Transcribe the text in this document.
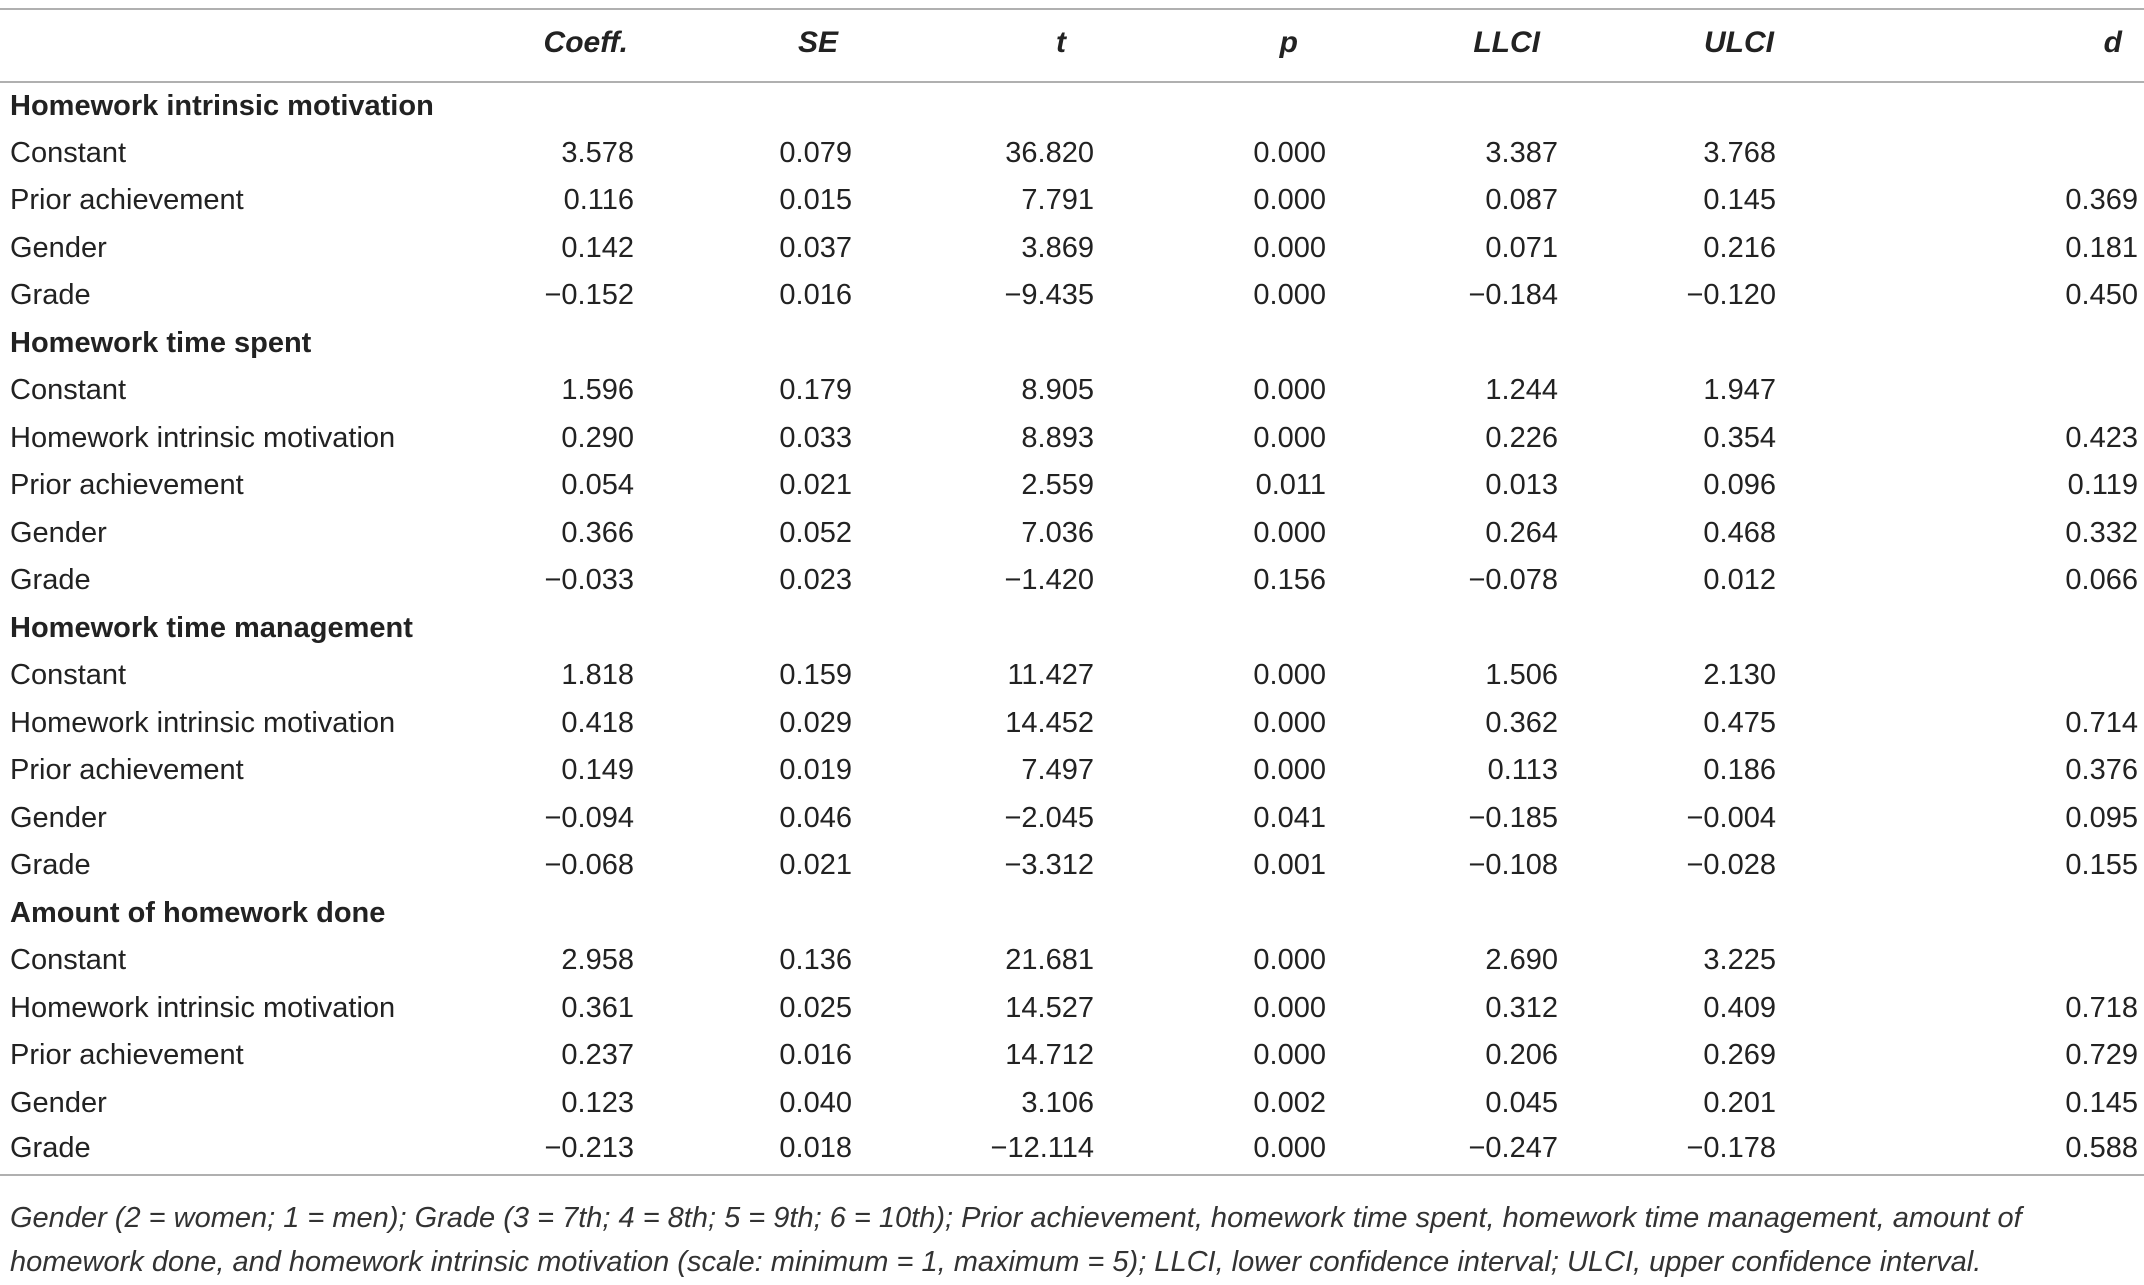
	Coeff.	SE	t	p	LLCI	ULCI	d
Homework intrinsic motivation							
Constant	3.578	0.079	36.820	0.000	3.387	3.768	
Prior achievement	0.116	0.015	7.791	0.000	0.087	0.145	0.369
Gender	0.142	0.037	3.869	0.000	0.071	0.216	0.181
Grade	−0.152	0.016	−9.435	0.000	−0.184	−0.120	0.450
Homework time spent							
Constant	1.596	0.179	8.905	0.000	1.244	1.947	
Homework intrinsic motivation	0.290	0.033	8.893	0.000	0.226	0.354	0.423
Prior achievement	0.054	0.021	2.559	0.011	0.013	0.096	0.119
Gender	0.366	0.052	7.036	0.000	0.264	0.468	0.332
Grade	−0.033	0.023	−1.420	0.156	−0.078	0.012	0.066
Homework time management							
Constant	1.818	0.159	11.427	0.000	1.506	2.130	
Homework intrinsic motivation	0.418	0.029	14.452	0.000	0.362	0.475	0.714
Prior achievement	0.149	0.019	7.497	0.000	0.113	0.186	0.376
Gender	−0.094	0.046	−2.045	0.041	−0.185	−0.004	0.095
Grade	−0.068	0.021	−3.312	0.001	−0.108	−0.028	0.155
Amount of homework done							
Constant	2.958	0.136	21.681	0.000	2.690	3.225	
Homework intrinsic motivation	0.361	0.025	14.527	0.000	0.312	0.409	0.718
Prior achievement	0.237	0.016	14.712	0.000	0.206	0.269	0.729
Gender	0.123	0.040	3.106	0.002	0.045	0.201	0.145
Grade	−0.213	0.018	−12.114	0.000	−0.247	−0.178	0.588

Gender (2 = women; 1 = men); Grade (3 = 7th; 4 = 8th; 5 = 9th; 6 = 10th); Prior achievement, homework time spent, homework time management, amount of homework done, and homework intrinsic motivation (scale: minimum = 1, maximum = 5); LLCI, lower confidence interval; ULCI, upper confidence interval.
